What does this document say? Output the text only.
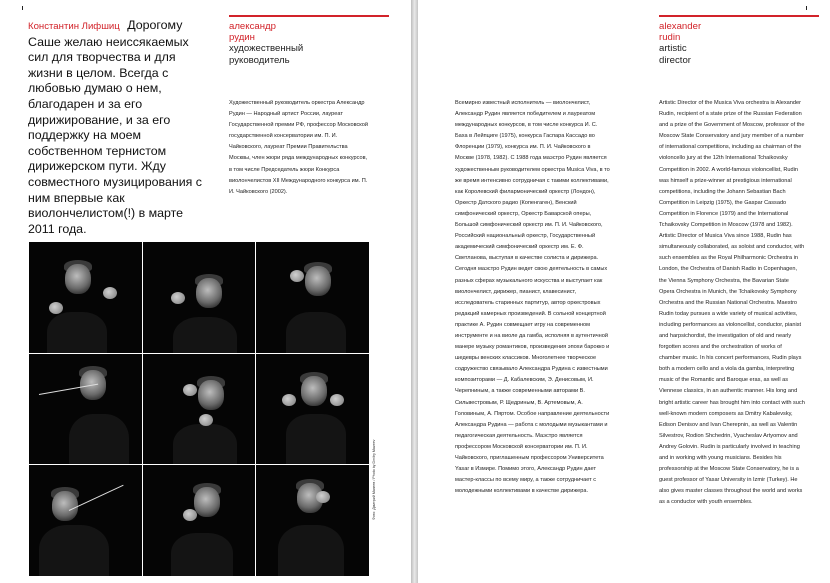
Константин Лифшиц Дорогому Саше желаю неиссякаемых сил для творчества и для жизни в целом. Всегда с любовью думаю о нем, благодарен и за его дирижирование, и за его поддержку на моем собственном тернистом дирижерском пути. Жду совместного музицирования с ним впервые как виолончелистом(!) в марте 2011 года.

александр
рудин
художественный
руководитель

Художественный руководитель оркестра Александр Рудин — Народный артист России, лауреат Государственной премии РФ, профессор Московской государственной консерватории им. П. И. Чайковского, лауреат Премии Правительства Москвы, член жюри ряда международных конкурсов, в том числе Председатель жюри Конкурса виолончелистов XII Международного конкурса им. П. И. Чайковского (2002).

Фото: Дмитрий Мазеев / Photo by Dmitry Mazeev

Всемирно известный исполнитель — виолончелист, Александр Рудин является победителем и лауреатом международных конкурсов, в том числе конкурса И. С. Баха в Лейпциге (1975), конкурса Гаспара Кассадо во Флоренции (1979), конкурса им. П. И. Чайковского в Москве (1978, 1982). С 1988 года маэстро Рудин является художественным руководителем оркестра Musica Viva, в то же время интенсивно сотрудничая с такими коллективами, как Королевский филармонический оркестр (Лондон), Оркестр Датского радио (Копенгаген), Венский симфонический оркестр, Оркестр Баварской оперы, Большой симфонический оркестр им. П. И. Чайковского, Российский национальный оркестр, Государственный академический симфонический оркестр им. Е. Ф. Светланова, выступая в качестве солиста и дирижера. Сегодня маэстро Рудин ведет свою деятельность в самых разных сферах музыкального искусства и выступает как виолончелист, дирижер, пианист, клавесинист, исследователь старинных партитур, автор оркестровых редакций камерных произведений. В сольной концертной практике А. Рудин совмещает игру на современном инструменте и на виоле да гамба, исполняя в аутентичной манере музыку романтиков, произведения эпохи барокко и шедевры венских классиков. Многолетнее творческое содружество связывало Александра Рудина с известными композиторами — Д. Кабалевским, Э. Денисовым, И. Черепниным, а также современными авторами В. Сильвестровым, Р. Щедриным, В. Артемовым, А. Головиным, А. Пяртом. Особое направление деятельности Александра Рудина — работа с молодыми музыкантами и педагогическая деятельность. Маэстро является профессором Московской консерватории им. П. И. Чайковского, приглашенным профессором Университета Yasar в Измире. Помимо этого, Александр Рудин дает мастер-классы по всему миру, а также сотрудничает с молодежными коллективами в качестве дирижера.

alexander
rudin
artistic
director

Artistic Director of the Musica Viva orchestra is Alexander Rudin, recipient of a state prize of the Russian Federation and a prize of the Government of Moscow, professor of the Moscow State Conservatory and jury member of a number of international competitions, including as chairman of the violoncello jury at the 12th International Tchaikovsky Competition in 2002. A world-famous violoncellist, Rudin was himself a prize-winner at prestigious international competitions, including the Johann Sebastian Bach Competition in Leipzig (1975), the Gaspar Cassado Competition in Florence (1979) and the International Tchaikovsky Competition in Moscow (1978 and 1982). Artistic Director of Musica Viva since 1988, Rudin has simultaneously collaborated, as soloist and conductor, with such ensembles as the Royal Philharmonic Orchestra in London, the Orchestra of Danish Radio in Copenhagen, the Vienna Symphony Orchestra, the Bavarian State Opera Orchestra in Munich, the Tchaikovsky Symphony Orchestra and the Russian National Orchestra. Maestro Rudin today pursues a wide variety of musical activities, including performances as violoncellist, conductor, pianist and harpsichordist, the investigation of old and nearly forgotten scores and the orchestration of works of chamber music. In his concert performances, Rudin plays both a modern cello and a viola da gamba, interpreting music of the Romantic and Baroque eras, as well as Viennese classics, in an authentic manner. His long and bright artistic career has brought him into contact with such well-known modern composers as Dmitry Kabalevsky, Edison Denisov and Ivan Cherepnin, as well as Valentin Silvestrov, Rodion Shchedrin, Vyacheslav Artyomov and Andrey Golovin. Rudin is particularly involved in teaching and in working with young musicians. Besides his professorship at the Moscow State Conservatory, he is a guest professor of Yasar University in Izmir (Turkey). He also gives master classes throughout the world and works as a conductor with youth ensembles.
